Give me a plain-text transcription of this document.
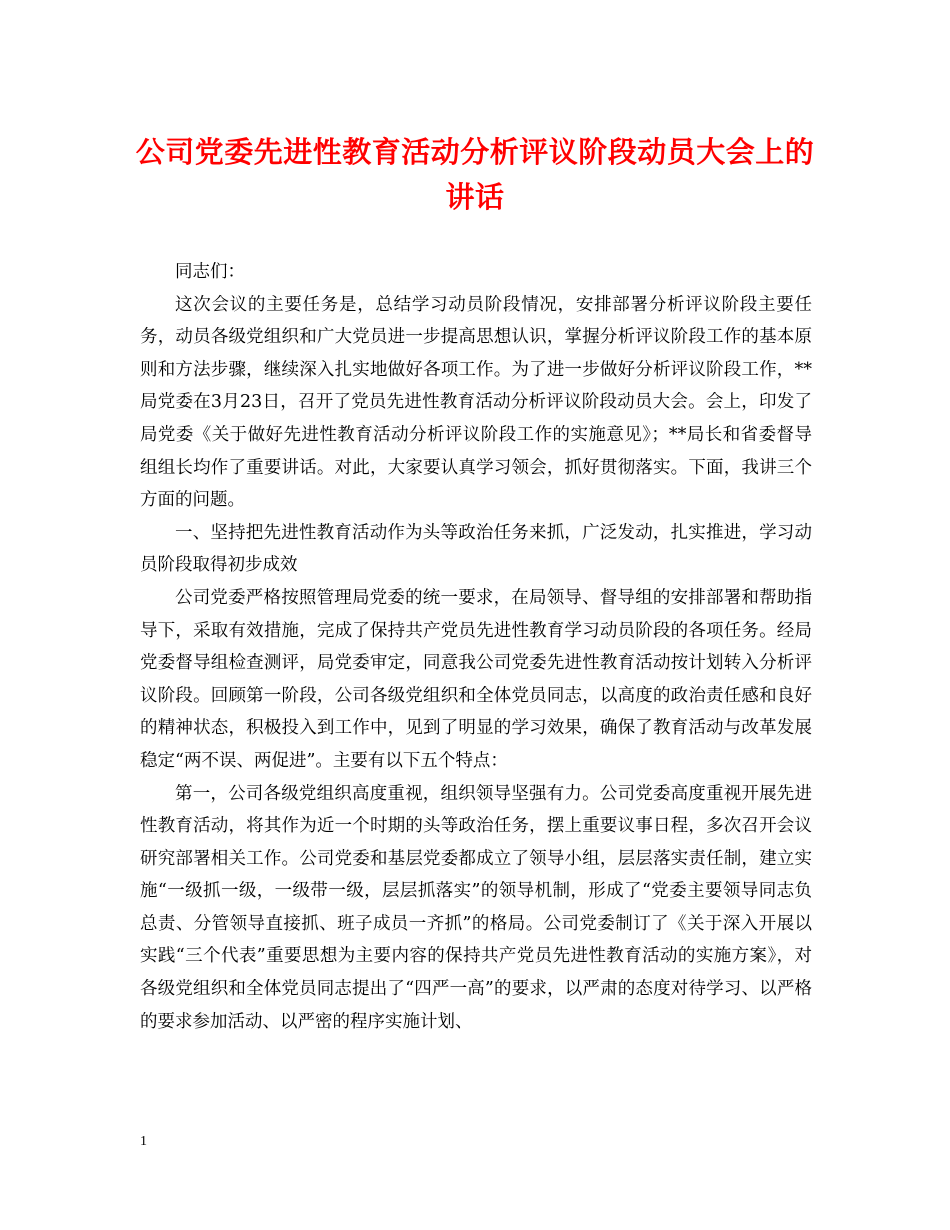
公司党委先进性教育活动分析评议阶段动员大会上的讲话

同志们：

这次会议的主要任务是，总结学习动员阶段情况，安排部署分析评议阶段主要任务，动员各级党组织和广大党员进一步提高思想认识，掌握分析评议阶段工作的基本原则和方法步骤，继续深入扎实地做好各项工作。为了进一步做好分析评议阶段工作，**局党委在3月23日，召开了党员先进性教育活动分析评议阶段动员大会。会上，印发了局党委《关于做好先进性教育活动分析评议阶段工作的实施意见》；**局长和省委督导组组长均作了重要讲话。对此，大家要认真学习领会，抓好贯彻落实。下面，我讲三个方面的问题。

一、坚持把先进性教育活动作为头等政治任务来抓，广泛发动，扎实推进，学习动员阶段取得初步成效

公司党委严格按照管理局党委的统一要求，在局领导、督导组的安排部署和帮助指导下，采取有效措施，完成了保持共产党员先进性教育学习动员阶段的各项任务。经局党委督导组检查测评，局党委审定，同意我公司党委先进性教育活动按计划转入分析评议阶段。回顾第一阶段，公司各级党组织和全体党员同志，以高度的政治责任感和良好的精神状态，积极投入到工作中，见到了明显的学习效果，确保了教育活动与改革发展稳定“两不误、两促进”。主要有以下五个特点：

第一，公司各级党组织高度重视，组织领导坚强有力。公司党委高度重视开展先进性教育活动，将其作为近一个时期的头等政治任务，摆上重要议事日程，多次召开会议研究部署相关工作。公司党委和基层党委都成立了领导小组，层层落实责任制，建立实施“一级抓一级，一级带一级，层层抓落实”的领导机制，形成了“党委主要领导同志负总责、分管领导直接抓、班子成员一齐抓”的格局。公司党委制订了《关于深入开展以实践“三个代表”重要思想为主要内容的保持共产党员先进性教育活动的实施方案》，对各级党组织和全体党员同志提出了“四严一高”的要求，以严肃的态度对待学习、以严格的要求参加活动、以严密的程序实施计划、

1
